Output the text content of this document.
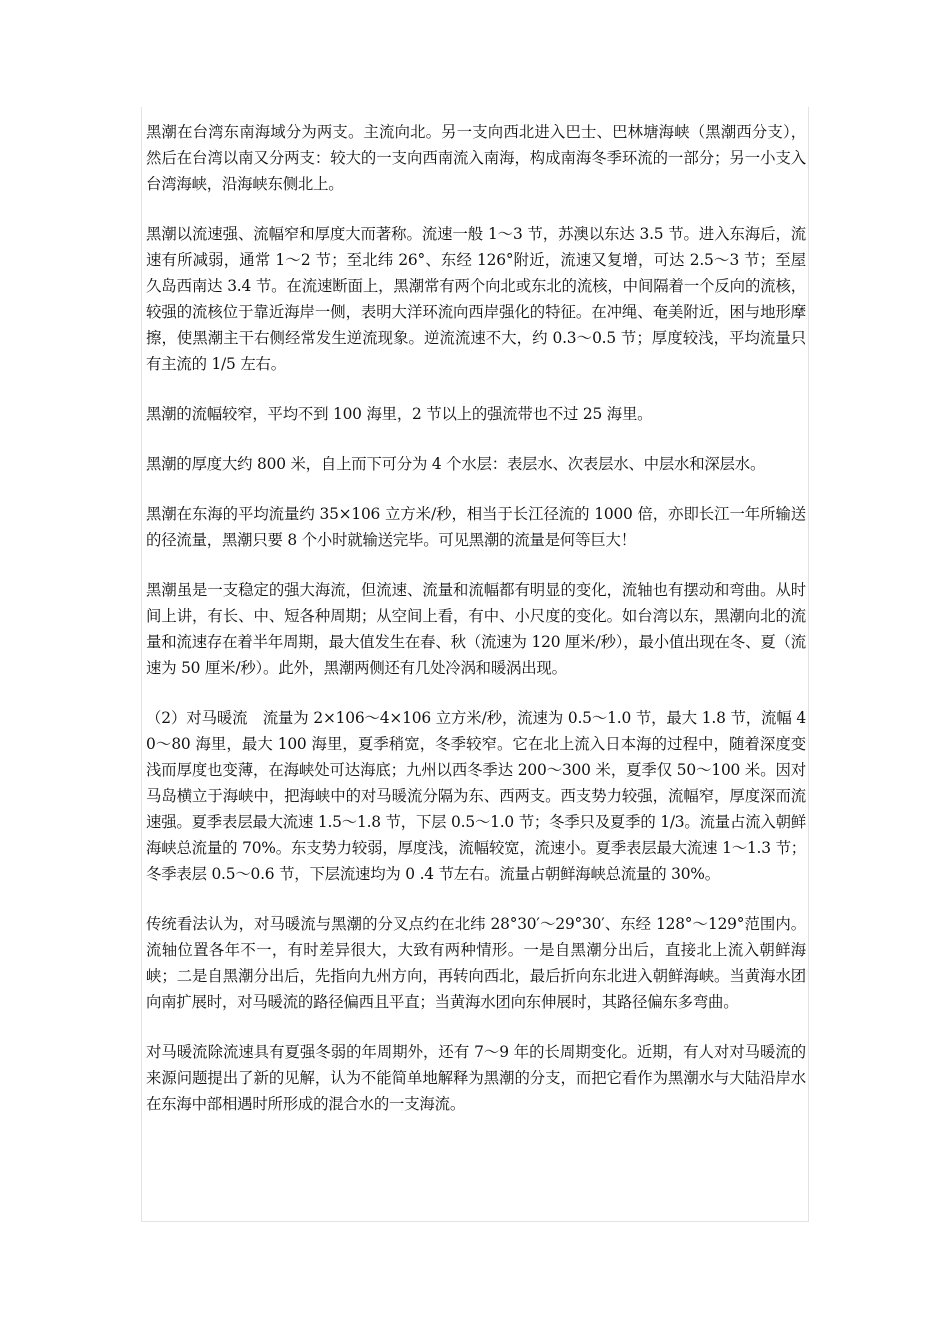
黑潮在台湾东南海域分为两支。主流向北。另一支向西北进入巴士、巴林塘海峡（黑潮西分支），然后在台湾以南又分两支：较大的一支向西南流入南海，构成南海冬季环流的一部分；另一小支入台湾海峡，沿海峡东侧北上。

黑潮以流速强、流幅窄和厚度大而著称。流速一般 1～3 节，苏澳以东达 3.5 节。进入东海后，流速有所减弱，通常 1～2 节；至北纬 26°、东经 126°附近，流速又复增，可达 2.5～3 节；至屋久岛西南达 3.4 节。在流速断面上，黑潮常有两个向北或东北的流核，中间隔着一个反向的流核，较强的流核位于靠近海岸一侧，表明大洋环流向西岸强化的特征。在冲绳、奄美附近，困与地形摩擦，使黑潮主干右侧经常发生逆流现象。逆流流速不大，约 0.3～0.5 节；厚度较浅，平均流量只有主流的 1/5 左右。

黑潮的流幅较窄，平均不到 100 海里，2 节以上的强流带也不过 25 海里。

黑潮的厚度大约 800 米，自上而下可分为 4 个水层：表层水、次表层水、中层水和深层水。

黑潮在东海的平均流量约 35×106 立方米/秒，相当于长江径流的 1000 倍，亦即长江一年所输送的径流量，黑潮只要 8 个小时就输送完毕。可见黑潮的流量是何等巨大！

黑潮虽是一支稳定的强大海流，但流速、流量和流幅都有明显的变化，流轴也有摆动和弯曲。从时间上讲，有长、中、短各种周期；从空间上看，有中、小尺度的变化。如台湾以东，黑潮向北的流量和流速存在着半年周期，最大值发生在春、秋（流速为 120 厘米/秒），最小值出现在冬、夏（流速为 50 厘米/秒）。此外，黑潮两侧还有几处冷涡和暖涡出现。

（2）对马暖流　流量为 2×106～4×106 立方米/秒，流速为 0.5～1.0 节，最大 1.8 节，流幅 40～80 海里，最大 100 海里，夏季稍宽，冬季较窄。它在北上流入日本海的过程中，随着深度变浅而厚度也变薄，在海峡处可达海底；九州以西冬季达 200～300 米，夏季仅 50～100 米。因对马岛横立于海峡中，把海峡中的对马暖流分隔为东、西两支。西支势力较强，流幅窄，厚度深而流速强。夏季表层最大流速 1.5～1.8 节，下层 0.5～1.0 节；冬季只及夏季的 1/3。流量占流入朝鲜海峡总流量的 70%。东支势力较弱，厚度浅，流幅较宽，流速小。夏季表层最大流速 1～1.3 节；冬季表层 0.5～0.6 节，下层流速均为 0 .4 节左右。流量占朝鲜海峡总流量的 30%。

传统看法认为，对马暖流与黑潮的分叉点约在北纬 28°30′～29°30′、东经 128°～129°范围内。流轴位置各年不一，有时差异很大，大致有两种情形。一是自黑潮分出后，直接北上流入朝鲜海峡；二是自黑潮分出后，先指向九州方向，再转向西北，最后折向东北进入朝鲜海峡。当黄海水团向南扩展时，对马暖流的路径偏西且平直；当黄海水团向东伸展时，其路径偏东多弯曲。

对马暖流除流速具有夏强冬弱的年周期外，还有 7～9 年的长周期变化。近期，有人对对马暖流的来源问题提出了新的见解，认为不能简单地解释为黑潮的分支，而把它看作为黑潮水与大陆沿岸水在东海中部相遇时所形成的混合水的一支海流。
